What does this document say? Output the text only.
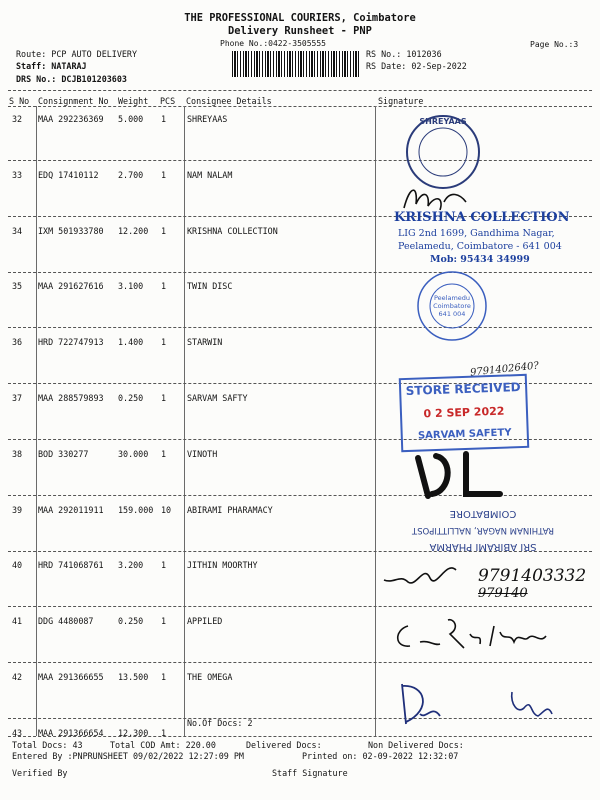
THE PROFESSIONAL COURIERS, Coimbatore
Delivery Runsheet - PNP
Phone No.:0422-3505555	Page No.:3
Route: PCP AUTO DELIVERY
Staff: NATARAJ
DRS No.: DCJB101203603
RS No.: 1012036
RS Date: 02-Sep-2022
S No Consignment No Weight PCS Consignee Details	Signature
32 MAA 292236369 5.000 1 SHREYAAS
33 EDQ 17410112 2.700 1 NAM NALAM
34 IXM 501933780 12.200 1 KRISHNA COLLECTION
35 MAA 291627616 3.100 1 TWIN DISC
36 HRD 722747913 1.400 1 STARWIN
37 MAA 288579893 0.250 1 SARVAM SAFTY
38 BOD 330277	30.000 1 VINOTH
39 MAA 292011911 159.000 10 ABIRAMI PHARAMACY
40 HRD 741068761 3.200 1 JITHIN MOORTHY
41 DDG 4480087	0.250 1 APPILED
42 MAA 291366655 13.500 1 THE OMEGA
43 MAA 291366654 12.300 1
No.Of Docs: 2
Total Docs: 43	Total COD Amt: 220.00	Delivered Docs:	Non Delivered Docs:
Entered By :PNPRUNSHEET 09/02/2022 12:27:09 PM	Printed on: 02-09-2022 12:32:07
Verified By	Staff Signature
SHREYAAS
KRISHNA COLLECTION
LIG 2nd 1699, Gandhima Nagar,
Peelamedu, Coimbatore - 641 004
Mob: 95434 34999
Peelamedu
Coimbatore
641 004
9791402640?
STORE RECEIVED
0 2 SEP 2022
SARVAM SAFETY
SRI ABIRAMI PHARMA
RATHINAM NAGAR, NALLITTIPOST
COIMBATORE
9791403332
979140
